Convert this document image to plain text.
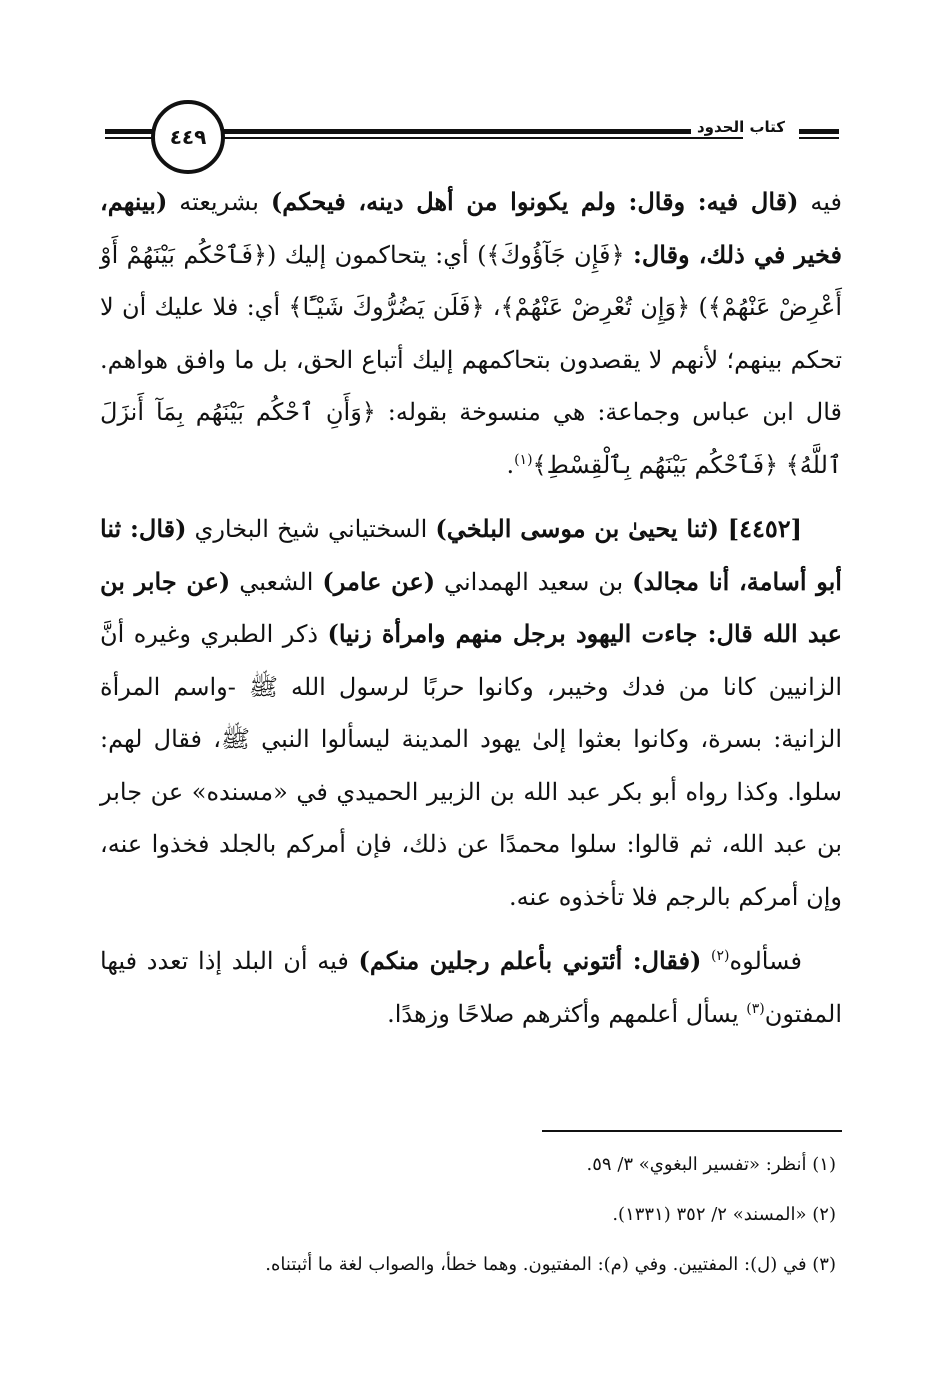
٤٤٩	كتاب الحدود

فيه (قال فيه: وقال: ولم يكونوا من أهل دينه، فيحكم) بشريعته (بينهم، فخير في ذلك، وقال: ﴿فَإِن جَآؤُوكَ﴾) أي: يتحاكمون إليك (﴿فَٱحْكُم بَيْنَهُمْ أَوْ أَعْرِضْ عَنْهُمْ﴾) ﴿وَإِن تُعْرِضْ عَنْهُمْ﴾، ﴿فَلَن يَضُرُّوكَ شَيْـًٔا﴾ أي: فلا عليك أن لا تحكم بينهم؛ لأنهم لا يقصدون بتحاكمهم إليك أتباع الحق، بل ما وافق هواهم. قال ابن عباس وجماعة: هي منسوخة بقوله: ﴿وَأَنِ ٱحْكُم بَيْنَهُم بِمَآ أَنزَلَ ٱللَّهُ﴾ ﴿فَٱحْكُم بَيْنَهُم بِٱلْقِسْطِ﴾$^{(١)}$.

[٤٤٥٢] (ثنا يحيىٰ بن موسى البلخي) السختياني شيخ البخاري (قال: ثنا أبو أسامة، أنا مجالد) بن سعيد الهمداني (عن عامر) الشعبي (عن جابر بن عبد الله قال: جاءت اليهود برجل منهم وامرأة زنيا) ذكر الطبري وغيره أنَّ الزانيين كانا من فدك وخيبر، وكانوا حربًا لرسول الله ﷺ -واسم المرأة الزانية: بسرة، وكانوا بعثوا إلىٰ يهود المدينة ليسألوا النبي ﷺ، فقال لهم: سلوا. وكذا رواه أبو بكر عبد الله بن الزبير الحميدي في «مسنده» عن جابر بن عبد الله، ثم قالوا: سلوا محمدًا عن ذلك، فإن أمركم بالجلد فخذوا عنه، وإن أمركم بالرجم فلا تأخذوه عنه.

فسألوه$^{(٢)}$ (فقال: أئتوني بأعلم رجلين منكم) فيه أن البلد إذا تعدد فيها المفتون$^{(٣)}$ يسأل أعلمهم وأكثرهم صلاحًا وزهدًا.

(١) أنظر: «تفسير البغوي» ٣/ ٥٩.
(٢) «المسند» ٢/ ٣٥٢ (١٣٣١).
(٣) في (ل): المفتيين. وفي (م): المفتيون. وهما خطأ، والصواب لغة ما أثبتناه.
